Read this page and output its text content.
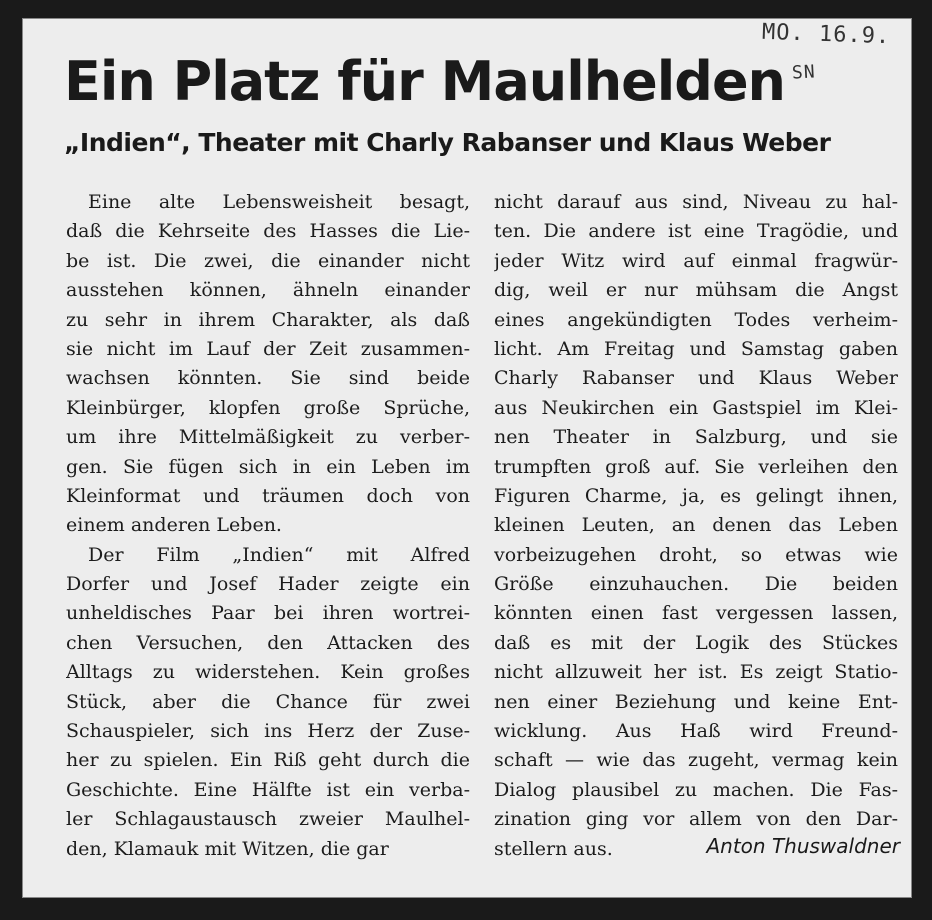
MO. 16.9.
SN
Ein Platz für Maulhelden
„Indien“, Theater mit Charly Rabanser und Klaus Weber
Eine alte Lebensweisheit besagt,
daß die Kehrseite des Hasses die Lie-
be ist. Die zwei, die einander nicht
ausstehen können, ähneln einander
zu sehr in ihrem Charakter, als daß
sie nicht im Lauf der Zeit zusammen-
wachsen könnten. Sie sind beide
Kleinbürger, klopfen große Sprüche,
um ihre Mittelmäßigkeit zu verber-
gen. Sie fügen sich in ein Leben im
Kleinformat und träumen doch von
einem anderen Leben.
Der Film „Indien“ mit Alfred
Dorfer und Josef Hader zeigte ein
unheldisches Paar bei ihren wortrei-
chen Versuchen, den Attacken des
Alltags zu widerstehen. Kein großes
Stück, aber die Chance für zwei
Schauspieler, sich ins Herz der Zuse-
her zu spielen. Ein Riß geht durch die
Geschichte. Eine Hälfte ist ein verba-
ler Schlagaustausch zweier Maulhel-
den, Klamauk mit Witzen, die gar
nicht darauf aus sind, Niveau zu hal-
ten. Die andere ist eine Tragödie, und
jeder Witz wird auf einmal fragwür-
dig, weil er nur mühsam die Angst
eines angekündigten Todes verheim-
licht. Am Freitag und Samstag gaben
Charly Rabanser und Klaus Weber
aus Neukirchen ein Gastspiel im Klei-
nen Theater in Salzburg, und sie
trumpften groß auf. Sie verleihen den
Figuren Charme, ja, es gelingt ihnen,
kleinen Leuten, an denen das Leben
vorbeizugehen droht, so etwas wie
Größe einzuhauchen. Die beiden
könnten einen fast vergessen lassen,
daß es mit der Logik des Stückes
nicht allzuweit her ist. Es zeigt Statio-
nen einer Beziehung und keine Ent-
wicklung. Aus Haß wird Freund-
schaft — wie das zugeht, vermag kein
Dialog plausibel zu machen. Die Fas-
zination ging vor allem von den Dar-
stellern aus.	Anton Thuswaldner
